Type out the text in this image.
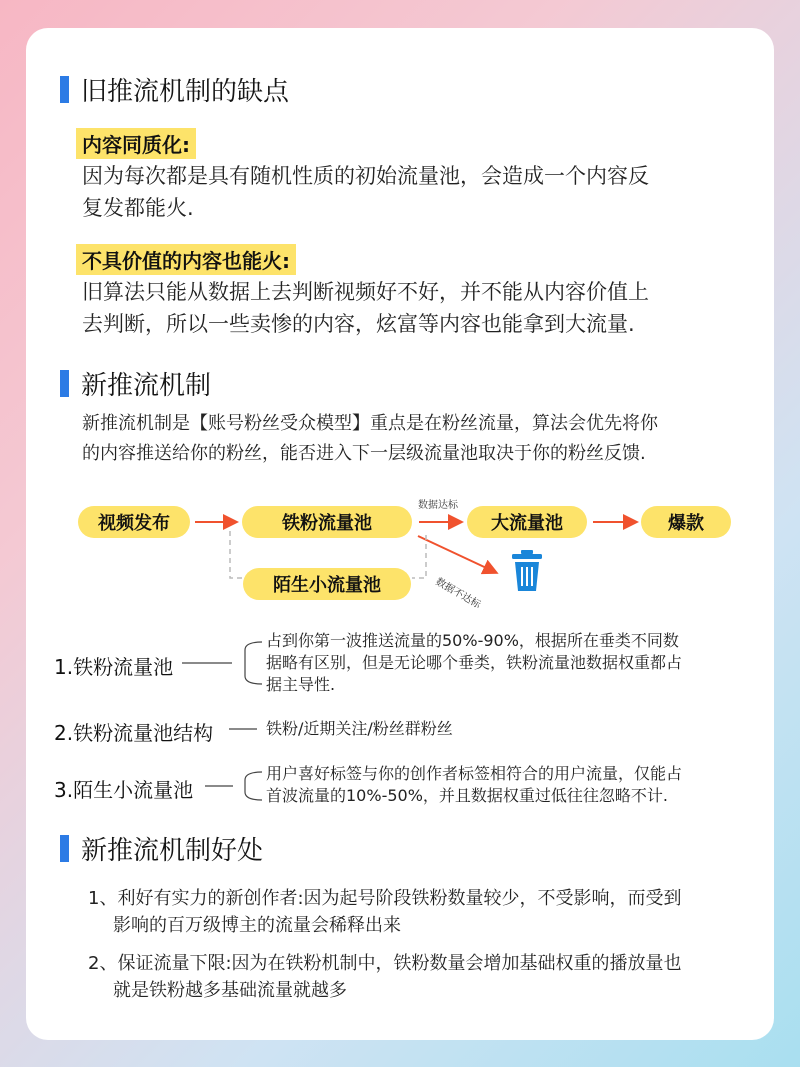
旧推流机制的缺点
内容同质化:
因为每次都是具有随机性质的初始流量池，会造成一个内容反
复发都能火.
不具价值的内容也能火:
旧算法只能从数据上去判断视频好不好，并不能从内容价值上
去判断，所以一些卖惨的内容，炫富等内容也能拿到大流量.
新推流机制
新推流机制是【账号粉丝受众模型】重点是在粉丝流量，算法会优先将你
的内容推送给你的粉丝，能否进入下一层级流量池取决于你的粉丝反馈.
视频发布	铁粉流量池	大流量池	爆款
陌生小流量池
数据达标
数据不达标
1.铁粉流量池
占到你第一波推送流量的50%-90%，根据所在垂类不同数
据略有区别，但是无论哪个垂类，铁粉流量池数据权重都占
据主导性.
2.铁粉流量池结构	铁粉/近期关注/粉丝群粉丝
3.陌生小流量池
用户喜好标签与你的创作者标签相符合的用户流量，仅能占
首波流量的10%-50%，并且数据权重过低往往忽略不计.
新推流机制好处
1、利好有实力的新创作者:因为起号阶段铁粉数量较少，不受影响，而受到
影响的百万级博主的流量会稀释出来
2、保证流量下限:因为在铁粉机制中，铁粉数量会增加基础权重的播放量也
就是铁粉越多基础流量就越多
